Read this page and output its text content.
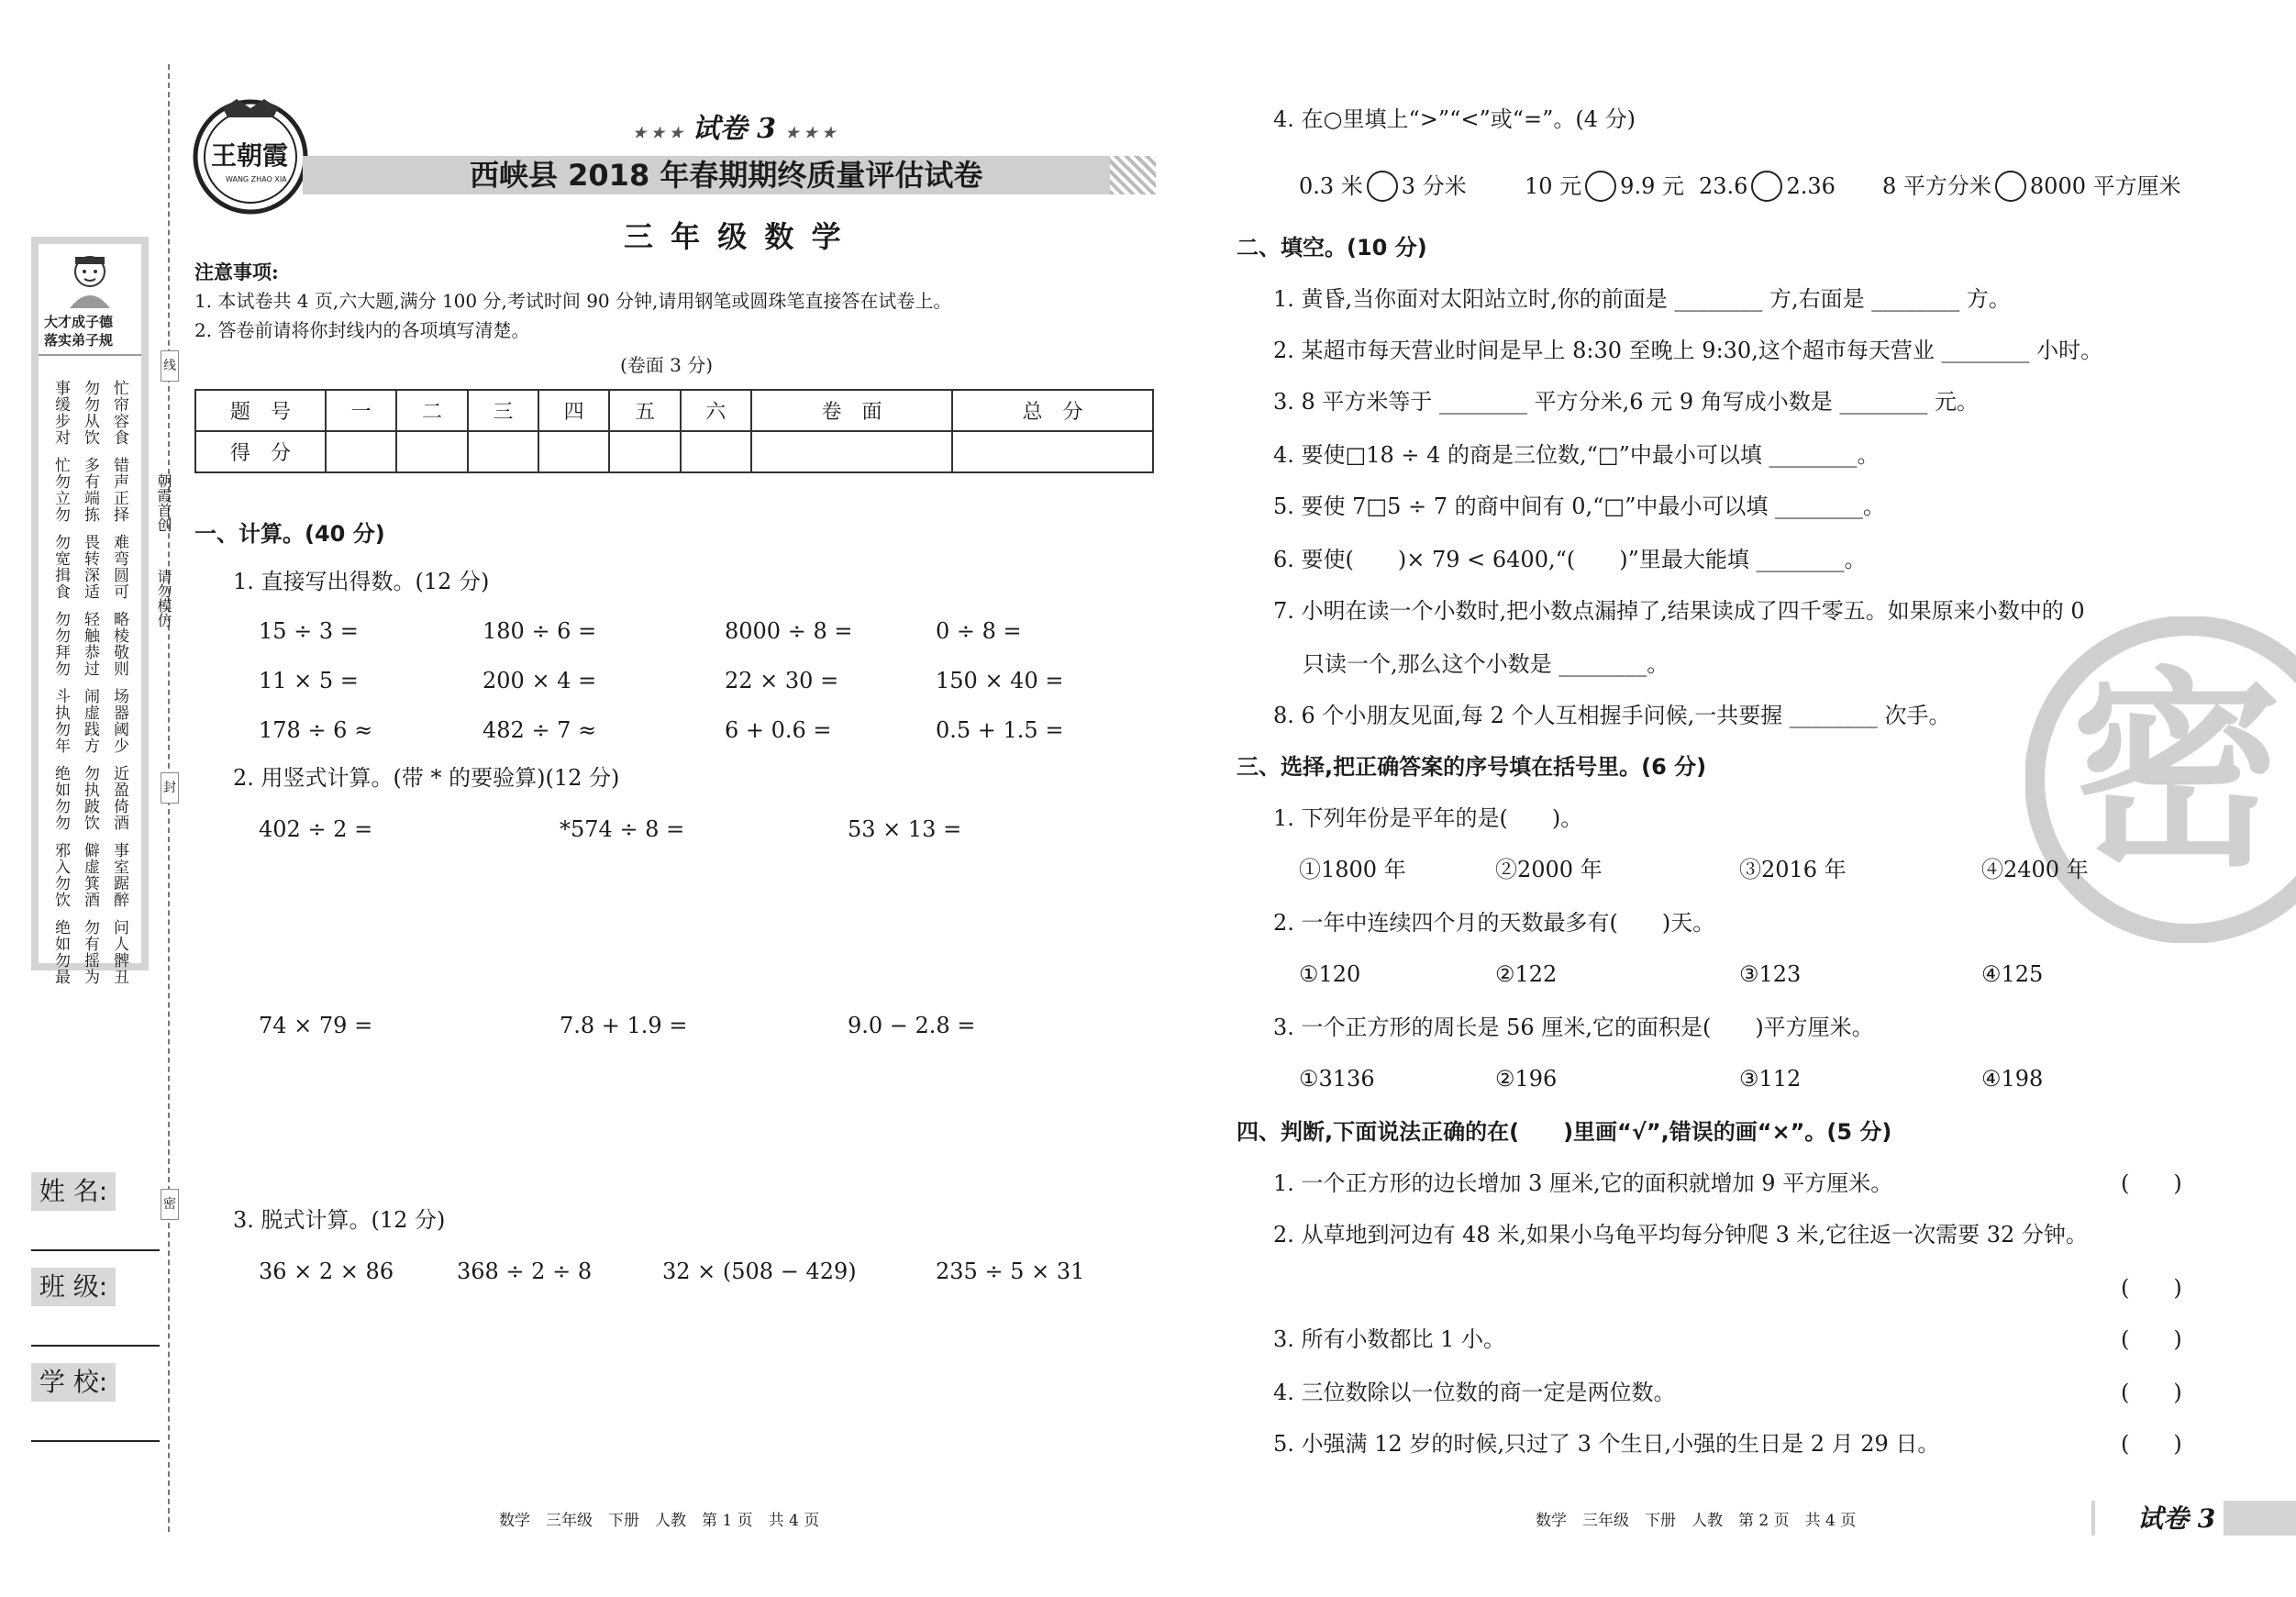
大才成子德
落实弟子规
事缓步对 勿勿从饮 忙帘容食
忙勿立勿 多有端拣 错声正择
勿宽揖食 畏转深适 难弯圆可
勿勿拜勿 轻触恭过 略棱敬则
斗执勿年 闹虚践方 场器阈少
绝如勿勿 勿执跛饮 近盈倚酒
邪入勿饮 僻虚箕酒 事室踞醉
绝如勿最 勿有摇为 问人髀丑
线
封
密
朝霞首创
请勿模仿
姓 名:
班 级:
学 校:
王朝霞
WANG ZHAO XIA
★ ★ ★ 试卷 3 ★ ★ ★
西峡县 2018 年春期期终质量评估试卷
三 年 级 数 学
注意事项:
1. 本试卷共 4 页,六大题,满分 100 分,考试时间 90 分钟,请用钢笔或圆珠笔直接答在试卷上。
2. 答卷前请将你封线内的各项填写清楚。
(卷面 3 分)
题　号	一	二	三	四	五	六	卷　面	总　分
得　分								
一、计算。(40 分)
1. 直接写出得数。(12 分)
15 ÷ 3 =	180 ÷ 6 =	8000 ÷ 8 =	0 ÷ 8 =
11 × 5 =	200 × 4 =	22 × 30 =	150 × 40 =
178 ÷ 6 ≈	482 ÷ 7 ≈	6 + 0.6 =	0.5 + 1.5 =
2. 用竖式计算。(带 * 的要验算)(12 分)
402 ÷ 2 =	*574 ÷ 8 =	53 × 13 =
74 × 79 =	7.8 + 1.9 =	9.0 − 2.8 =
3. 脱式计算。(12 分)
36 × 2 × 86	368 ÷ 2 ÷ 8	32 × (508 − 429)	235 ÷ 5 × 31
数学　三年级　下册　人教　第 1 页　共 4 页
密
4. 在○里填上“>”“<”或“=”。(4 分)
0.3 米 3 分米	10 元 9.9 元 23.6 2.36 8 平方分米 8000 平方厘米
二、填空。(10 分)
1. 黄昏,当你面对太阳站立时,你的前面是 ________ 方,右面是 ________ 方。
2. 某超市每天营业时间是早上 8:30 至晚上 9:30,这个超市每天营业 ________ 小时。
3. 8 平方米等于 ________ 平方分米,6 元 9 角写成小数是 ________ 元。
4. 要使□18 ÷ 4 的商是三位数,“□”中最小可以填 ________。
5. 要使 7□5 ÷ 7 的商中间有 0,“□”中最小可以填 ________。
6. 要使(　　)× 79 < 6400,“(　　)”里最大能填 ________。
7. 小明在读一个小数时,把小数点漏掉了,结果读成了四千零五。如果原来小数中的 0
只读一个,那么这个小数是 ________。
8. 6 个小朋友见面,每 2 个人互相握手问候,一共要握 ________ 次手。
三、选择,把正确答案的序号填在括号里。(6 分)
1. 下列年份是平年的是(　　)。
①1800 年	②2000 年	③2016 年	④2400 年
2. 一年中连续四个月的天数最多有(　　)天。
①120	②122	③123	④125
3. 一个正方形的周长是 56 厘米,它的面积是(　　)平方厘米。
①3136	②196	③112	④198
四、判断,下面说法正确的在(　　)里画“√”,错误的画“×”。(5 分)
1. 一个正方形的边长增加 3 厘米,它的面积就增加 9 平方厘米。	(　　)
2. 从草地到河边有 48 米,如果小乌龟平均每分钟爬 3 米,它往返一次需要 32 分钟。
(　　)
3. 所有小数都比 1 小。	(　　)
4. 三位数除以一位数的商一定是两位数。	(　　)
5. 小强满 12 岁的时候,只过了 3 个生日,小强的生日是 2 月 29 日。	(　　)
数学　三年级　下册　人教　第 2 页　共 4 页	试卷 3
